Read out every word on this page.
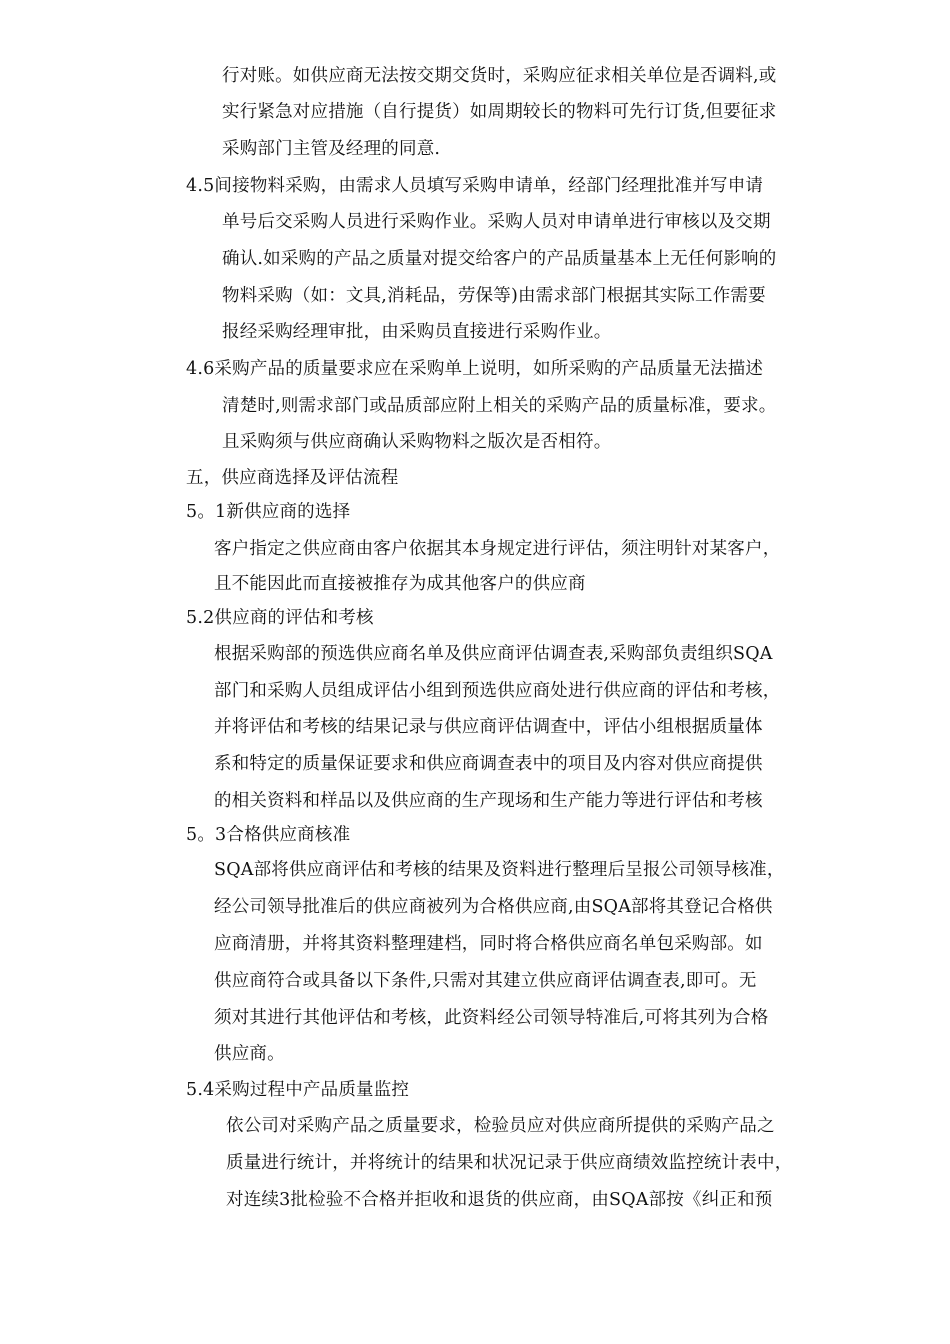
行对账。如供应商无法按交期交货时，采购应征求相关单位是否调料,或
实行紧急对应措施（自行提货）如周期较长的物料可先行订货,但要征求
采购部门主管及经理的同意.
4.5间接物料采购，由需求人员填写采购申请单，经部门经理批准并写申请
单号后交采购人员进行采购作业。采购人员对申请单进行审核以及交期
确认.如采购的产品之质量对提交给客户的产品质量基本上无任何影响的
物料采购（如：文具,消耗品，劳保等)由需求部门根据其实际工作需要
报经采购经理审批，由采购员直接进行采购作业。
4.6采购产品的质量要求应在采购单上说明，如所采购的产品质量无法描述
清楚时,则需求部门或品质部应附上相关的采购产品的质量标准，要求。
且采购须与供应商确认采购物料之版次是否相符。
五，供应商选择及评估流程
5。1新供应商的选择
客户指定之供应商由客户依据其本身规定进行评估，须注明针对某客户，
且不能因此而直接被推存为成其他客户的供应商
5.2供应商的评估和考核
根据采购部的预选供应商名单及供应商评估调查表,采购部负责组织SQA
部门和采购人员组成评估小组到预选供应商处进行供应商的评估和考核，
并将评估和考核的结果记录与供应商评估调查中，评估小组根据质量体
系和特定的质量保证要求和供应商调查表中的项目及内容对供应商提供
的相关资料和样品以及供应商的生产现场和生产能力等进行评估和考核
5。3合格供应商核准
SQA部将供应商评估和考核的结果及资料进行整理后呈报公司领导核准，
经公司领导批准后的供应商被列为合格供应商,由SQA部将其登记合格供
应商清册，并将其资料整理建档，同时将合格供应商名单包采购部。如
供应商符合或具备以下条件,只需对其建立供应商评估调查表,即可。无
须对其进行其他评估和考核，此资料经公司领导特准后,可将其列为合格
供应商。
5.4采购过程中产品质量监控
依公司对采购产品之质量要求，检验员应对供应商所提供的采购产品之
质量进行统计，并将统计的结果和状况记录于供应商绩效监控统计表中，
对连续3批检验不合格并拒收和退货的供应商，由SQA部按《纠正和预
